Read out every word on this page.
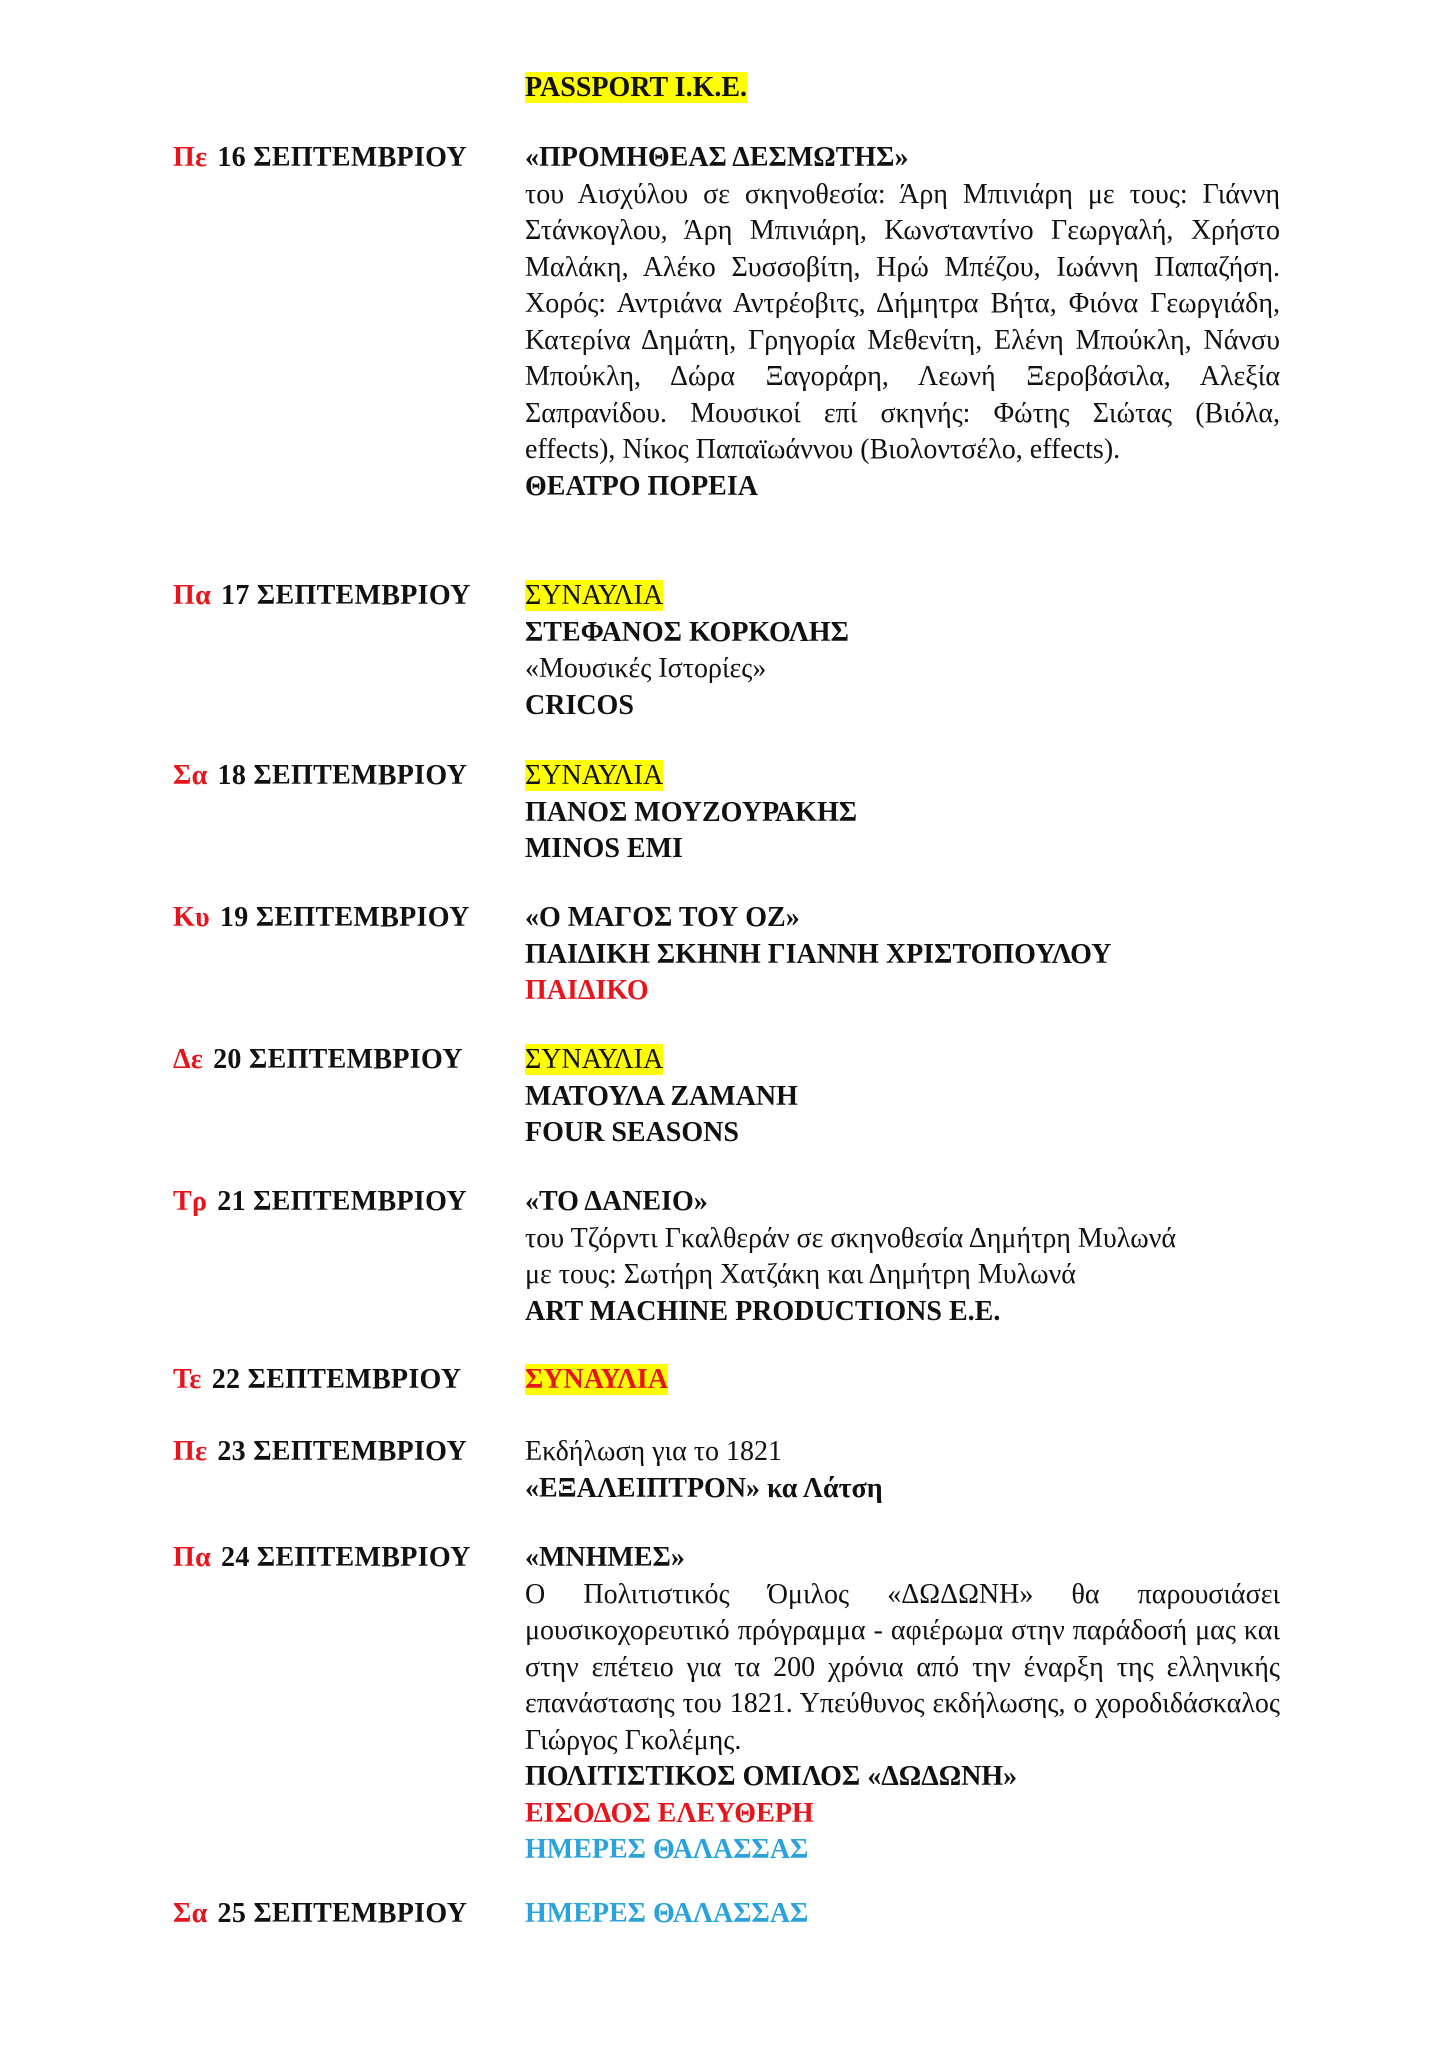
PASSPORT I.K.E.
Πε 16 ΣΕΠΤΕΜΒΡΙΟΥ «ΠΡΟΜΗΘΕΑΣ ΔΕΣΜΩΤΗΣ»
του Αισχύλου σε σκηνοθεσία: Άρη Μπινιάρη με τους: Γιάννη Στάνκογλου, Άρη Μπινιάρη, Κωνσταντίνο Γεωργαλή, Χρήστο Μαλάκη, Αλέκο Συσσοβίτη, Ηρώ Μπέζου, Ιωάννη Παπαζήση. Χορός: Αντριάνα Αντρέοβιτς, Δήμητρα Βήτα, Φιόνα Γεωργιάδη, Κατερίνα Δημάτη, Γρηγορία Μεθενίτη, Ελένη Μπούκλη, Νάνσυ Μπούκλη, Δώρα Ξαγοράρη, Λεωνή Ξεροβάσιλα, Αλεξία Σαπρανίδου. Μουσικοί επί σκηνής: Φώτης Σιώτας (Βιόλα, effects), Νίκος Παπαϊωάννου (Βιολοντσέλο, effects).
ΘΕΑΤΡΟ ΠΟΡΕΙΑ
Πα 17 ΣΕΠΤΕΜΒΡΙΟΥ ΣΥΝΑΥΛΙΑ
ΣΤΕΦΑΝΟΣ ΚΟΡΚΟΛΗΣ
«Μουσικές Ιστορίες»
CRICOS
Σα 18 ΣΕΠΤΕΜΒΡΙΟΥ ΣΥΝΑΥΛΙΑ
ΠΑΝΟΣ ΜΟΥΖΟΥΡΑΚΗΣ
MINOS EMI
Κυ 19 ΣΕΠΤΕΜΒΡΙΟΥ «Ο ΜΑΓΟΣ ΤΟΥ ΟΖ»
ΠΑΙΔΙΚΗ ΣΚΗΝΗ ΓΙΑΝΝΗ ΧΡΙΣΤΟΠΟΥΛΟΥ
ΠΑΙΔΙΚΟ
Δε 20 ΣΕΠΤΕΜΒΡΙΟΥ ΣΥΝΑΥΛΙΑ
ΜΑΤΟΥΛΑ ΖΑΜΑΝΗ
FOUR SEASONS
Τρ 21 ΣΕΠΤΕΜΒΡΙΟΥ «ΤΟ ΔΑΝΕΙΟ»
του Τζόρντι Γκαλθεράν σε σκηνοθεσία Δημήτρη Μυλωνά
με τους: Σωτήρη Χατζάκη και Δημήτρη Μυλωνά
ART MACHINE PRODUCTIONS E.E.
Τε 22 ΣΕΠΤΕΜΒΡΙΟΥ ΣΥΝΑΥΛΙΑ
Πε 23 ΣΕΠΤΕΜΒΡΙΟΥ Εκδήλωση για το 1821
«ΕΞΑΛΕΙΠΤΡΟΝ» κα Λάτση
Πα 24 ΣΕΠΤΕΜΒΡΙΟΥ «ΜΝΗΜΕΣ»
Ο Πολιτιστικός Όμιλος «ΔΩΔΩΝΗ» θα παρουσιάσει μουσικοχορευτικό πρόγραμμα - αφιέρωμα στην παράδοσή μας και στην επέτειο για τα 200 χρόνια από την έναρξη της ελληνικής επανάστασης του 1821. Υπεύθυνος εκδήλωσης, ο χοροδιδάσκαλος Γιώργος Γκολέμης.
ΠΟΛΙΤΙΣΤΙΚΟΣ ΟΜΙΛΟΣ «ΔΩΔΩΝΗ»
ΕΙΣΟΔΟΣ ΕΛΕΥΘΕΡΗ
ΗΜΕΡΕΣ ΘΑΛΑΣΣΑΣ
Σα 25 ΣΕΠΤΕΜΒΡΙΟΥ ΗΜΕΡΕΣ ΘΑΛΑΣΣΑΣ
